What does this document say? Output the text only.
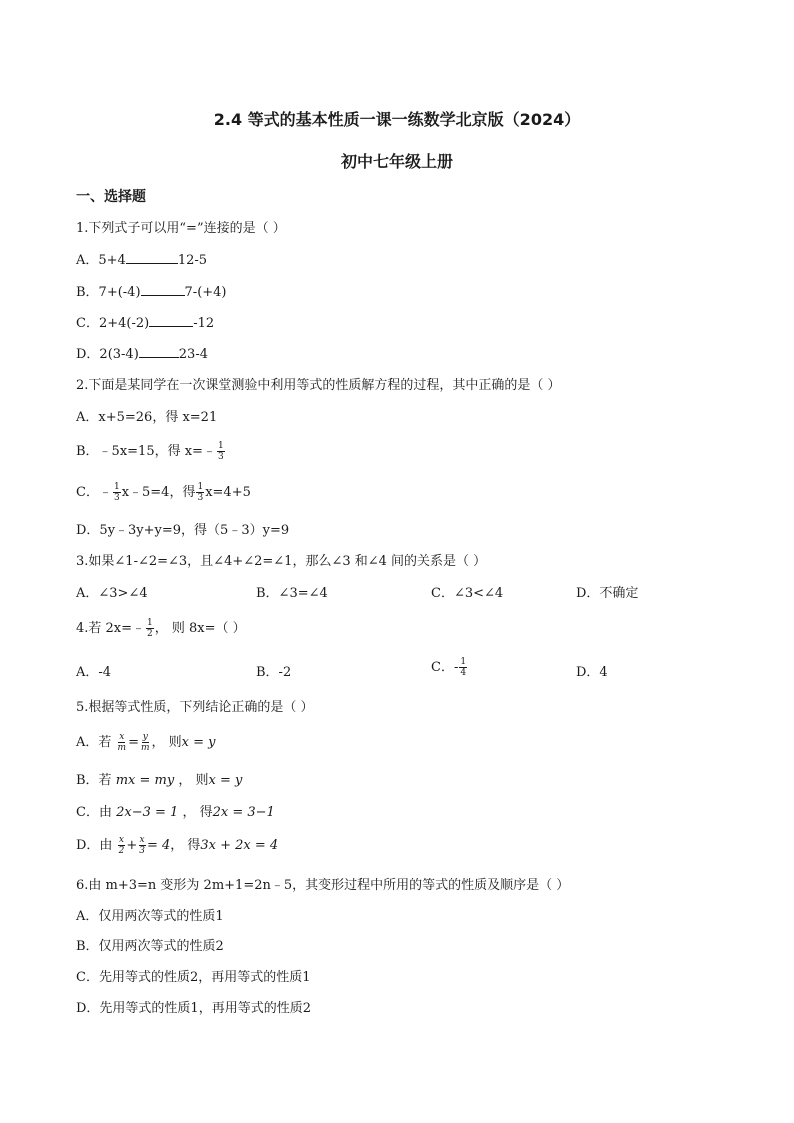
2.4 等式的基本性质一课一练数学北京版（2024）
初中七年级上册
一、选择题
1.下列式子可以用“=”连接的是（ ）
A．5+4	12-5
B．7+(-4)	7-(+4)
C．2+4(-2)	-12
D．2(3-4)	23-4
2.下面是某同学在一次课堂测验中利用等式的性质解方程的过程，其中正确的是（ ）
A．x+5=26，得 x=21
B．﹣5x=15，得 x=﹣ $\frac{1}{3}$
C．﹣ $\frac{1}{3}$ x﹣5=4，得 $\frac{1}{3} x=4+5$
D．5y﹣3y+y=9，得（5﹣3）y=9
3.如果∠1-∠2=∠3，且∠4+∠2=∠1，那么∠3 和∠4 间的关系是（ ）
A．∠3>∠4	B．∠3=∠4	C．∠3<∠4	D．不确定
4.若 2x=﹣ $\frac{1}{2}$ ， 则 8x=（ ）
A．-4	B．-2	C．- $\frac{1}{4}$	D．4
5.根据等式性质，下列结论正确的是（ ）
A．若 $\frac{x}{m} = \frac{y}{m}$ ， 则x = y
B．若 mx = my ， 则x = y
C．由 2x−3 = 1 ， 得2x = 3−1
D．由 $\frac{x}{2} + \frac{x}{3} = 4$， 得3x + 2x = 4
6.由 m+3=n 变形为 2m+1=2n﹣5，其变形过程中所用的等式的性质及顺序是（ ）
A．仅用两次等式的性质1
B．仅用两次等式的性质2
C．先用等式的性质2，再用等式的性质1
D．先用等式的性质1，再用等式的性质2
